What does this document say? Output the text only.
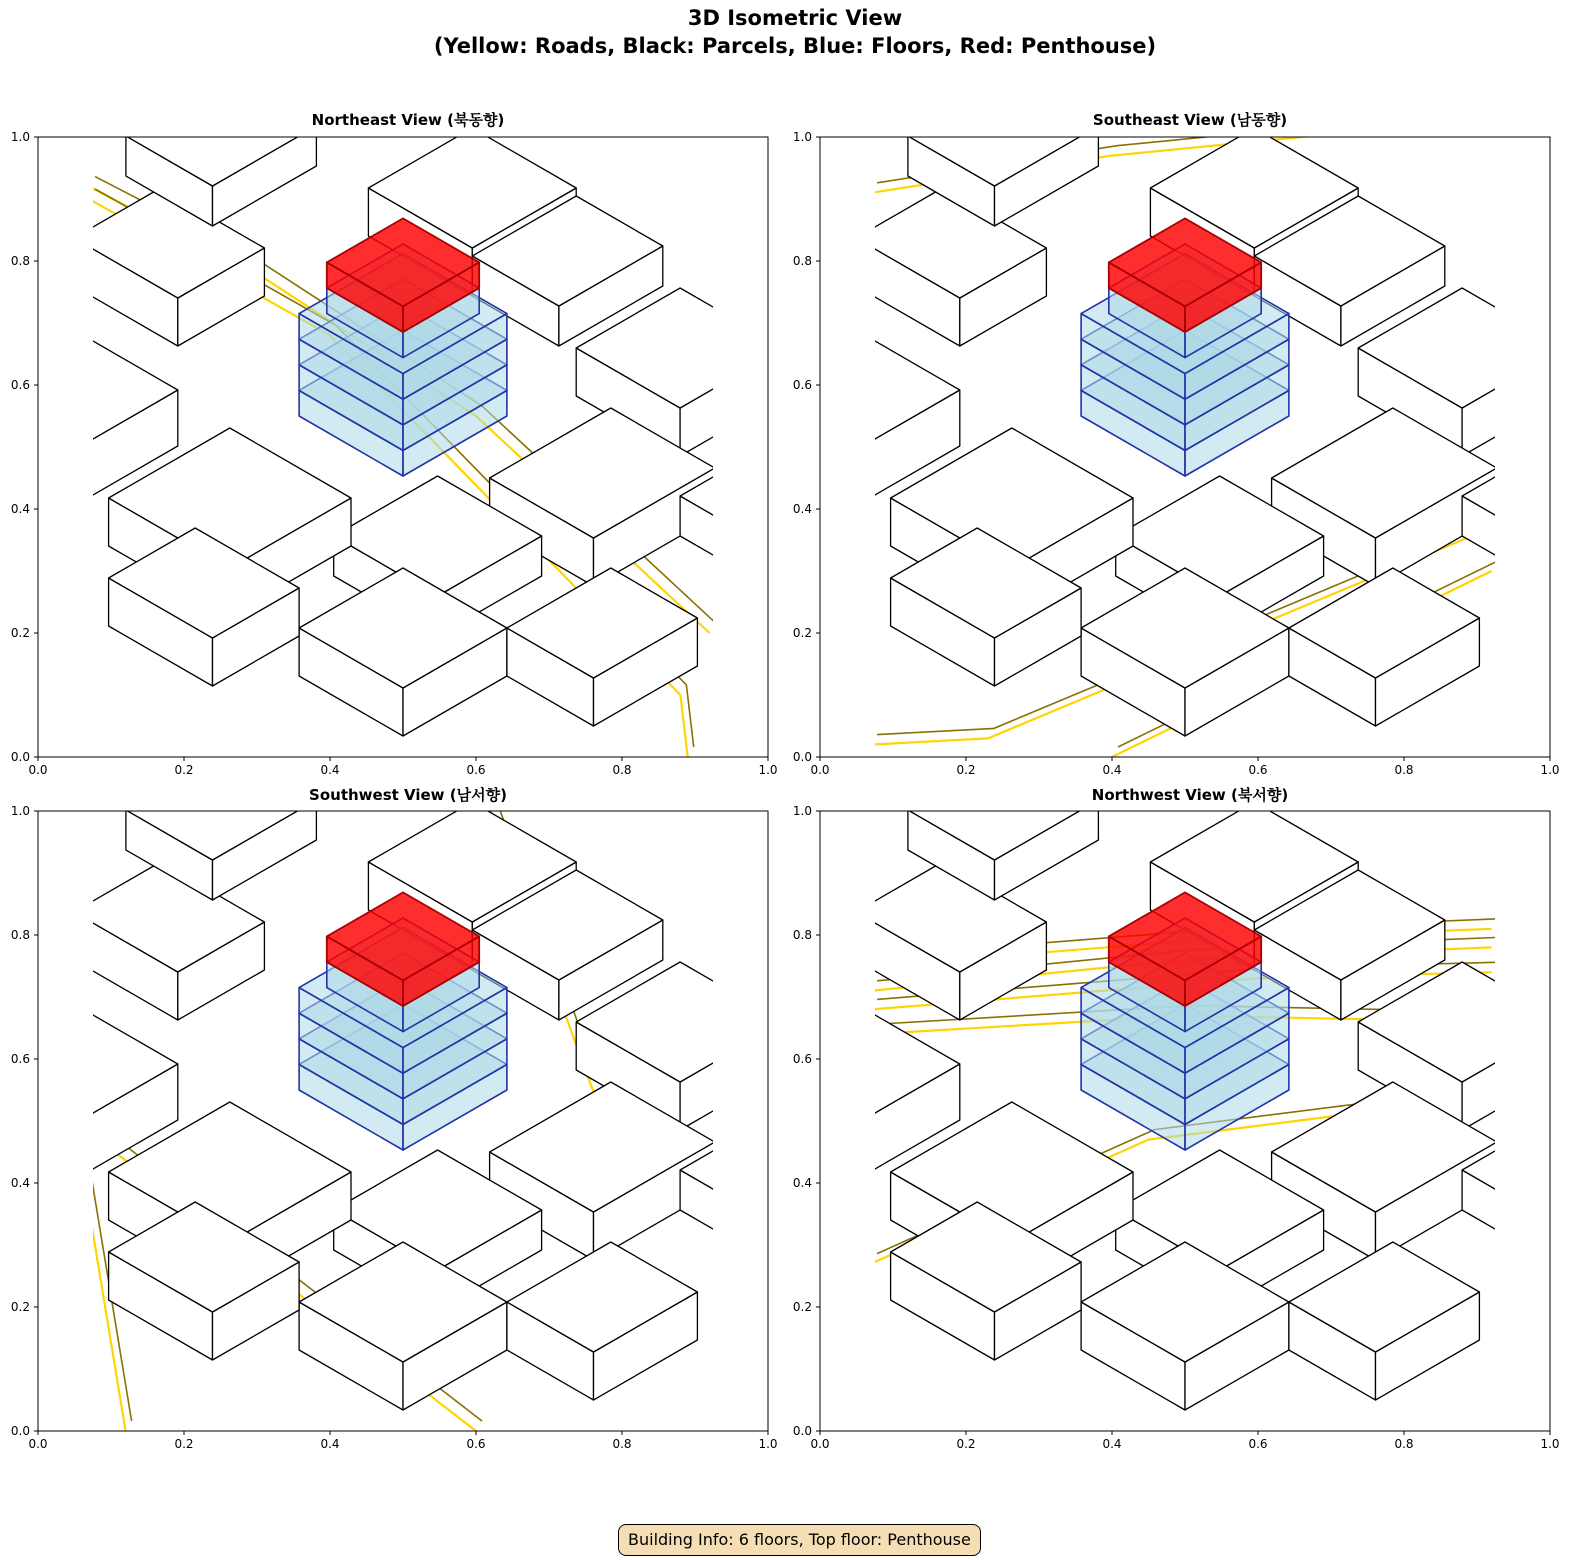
3D Isometric View
(Yellow: Roads, Black: Parcels, Blue: Floors, Red: Penthouse)
Northeast View (북동향)	Southeast View (남동향)
Southwest View (남서향)	Northwest View (북서향)
0.0	0.2	0.4	0.6	0.8	1.0
0.0
0.2
0.4
0.6
0.8
1.0
0.0	0.2	0.4	0.6	0.8	1.0
0.0
0.2
0.4
0.6
0.8
1.0
0.0	0.2	0.4	0.6	0.8	1.0
0.0
0.2
0.4
0.6
0.8
1.0
0.0	0.2	0.4	0.6	0.8	1.0
0.0
0.2
0.4
0.6
0.8
1.0
Building Info: 6 floors, Top floor: Penthouse
